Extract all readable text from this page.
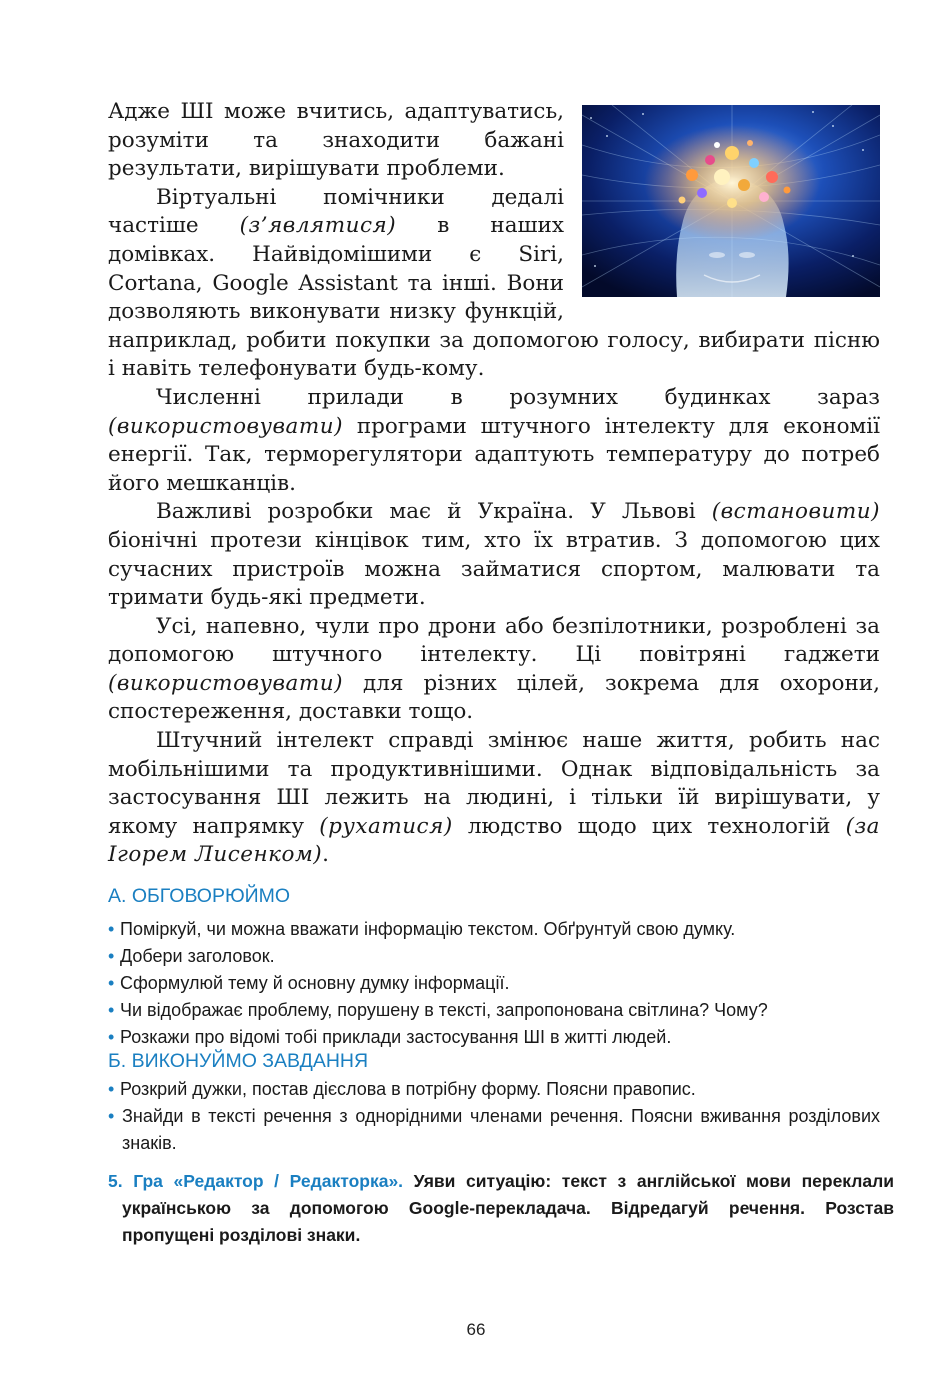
Адже ШІ може вчитись, адаптуватись, розуміти та знаходити бажані результати, вирішувати проблеми.

Віртуальні помічники дедалі частіше (з’являтися) в наших домівках. Найвідомішими є Siri, Cortana, Google Assistant та інші. Вони дозволяють виконувати низку функцій, наприклад, робити покупки за допомогою голосу, вибирати пісню і навіть телефонувати будь-кому.

Численні прилади в розумних будинках зараз (використовувати) програми штучного інтелекту для економії енергії. Так, терморегулятори адаптують температуру до потреб його мешканців.

Важливі розробки має й Україна. У Львові (встановити) біонічні протези кінцівок тим, хто їх втратив. З допомогою цих сучасних пристроїв можна займатися спортом, малювати та тримати будь-які предмети.

Усі, напевно, чули про дрони або безпілотники, розроблені за допомогою штучного інтелекту. Ці повітряні гаджети (використовувати) для різних цілей, зокрема для охорони, спостереження, доставки тощо.

Штучний інтелект справді змінює наше життя, робить нас мобільнішими та продуктивнішими. Однак відповідальність за застосування ШІ лежить на людині, і тільки їй вирішувати, у якому напрямку (рухатися) людство щодо цих технологій (за Ігорем Лисенком).

А. ОБГОВОРЮЙМО
• Поміркуй, чи можна вважати інформацію текстом. Обґрунтуй свою думку.
• Добери заголовок.
• Сформулюй тему й основну думку інформації.
• Чи відображає проблему, порушену в тексті, запропонована світлина? Чому?
• Розкажи про відомі тобі приклади застосування ШІ в житті людей.
Б. ВИКОНУЙМО ЗАВДАННЯ
• Розкрий дужки, постав дієслова в потрібну форму. Поясни правопис.
• Знайди в тексті речення з однорідними членами речення. Поясни вживання розділових знаків.
5. Гра «Редактор / Редакторка». Уяви ситуацію: текст з англійської мови переклали українською за допомогою Google-перекладача. Відредагуй речення. Розстав пропущені розділові знаки.
66
